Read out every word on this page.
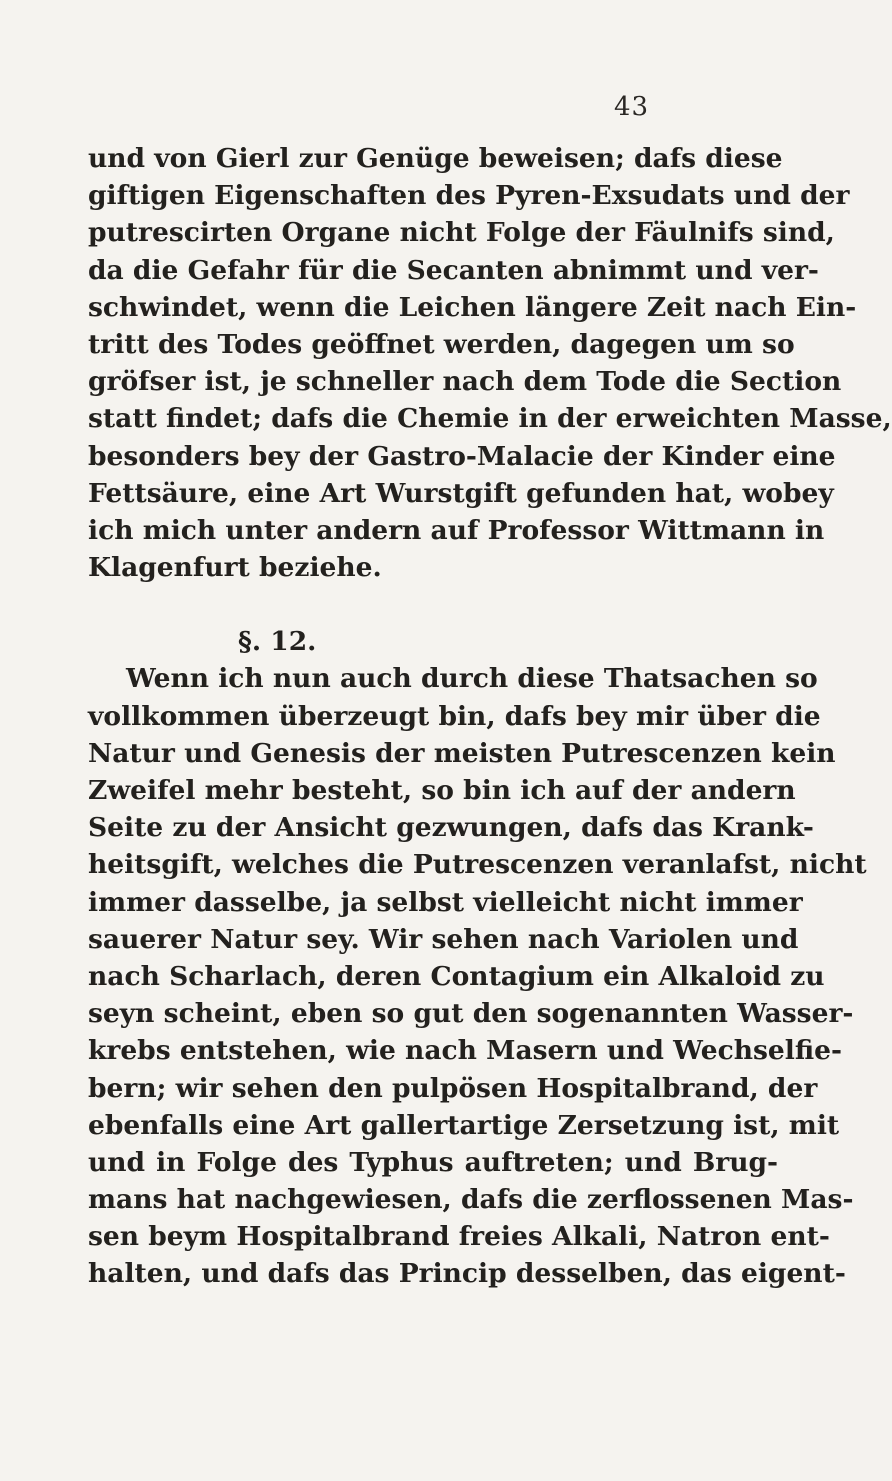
43
und von Gierl zur Genüge beweisen; dafs diese
giftigen Eigenschaften des Pyren-Exsudats und der
putrescirten Organe nicht Folge der Fäulnifs sind,
da die Gefahr für die Secanten abnimmt und ver-
schwindet, wenn die Leichen längere Zeit nach Ein-
tritt des Todes geöffnet werden, dagegen um so
gröfser ist, je schneller nach dem Tode die Section
statt findet; dafs die Chemie in der erweichten Masse,
besonders bey der Gastro-Malacie der Kinder eine
Fettsäure, eine Art Wurstgift gefunden hat, wobey
ich mich unter andern auf Professor Wittmann in
Klagenfurt beziehe.
§. 12.
Wenn ich nun auch durch diese Thatsachen so
vollkommen überzeugt bin, dafs bey mir über die
Natur und Genesis der meisten Putrescenzen kein
Zweifel mehr besteht, so bin ich auf der andern
Seite zu der Ansicht gezwungen, dafs das Krank-
heitsgift, welches die Putrescenzen veranlafst, nicht
immer dasselbe, ja selbst vielleicht nicht immer
sauerer Natur sey. Wir sehen nach Variolen und
nach Scharlach, deren Contagium ein Alkaloid zu
seyn scheint, eben so gut den sogenannten Wasser-
krebs entstehen, wie nach Masern und Wechselfie-
bern; wir sehen den pulpösen Hospitalbrand, der
ebenfalls eine Art gallertartige Zersetzung ist, mit
und in Folge des Typhus auftreten; und Brug-
mans hat nachgewiesen, dafs die zerflossenen Mas-
sen beym Hospitalbrand freies Alkali, Natron ent-
halten, und dafs das Princip desselben, das eigent-
